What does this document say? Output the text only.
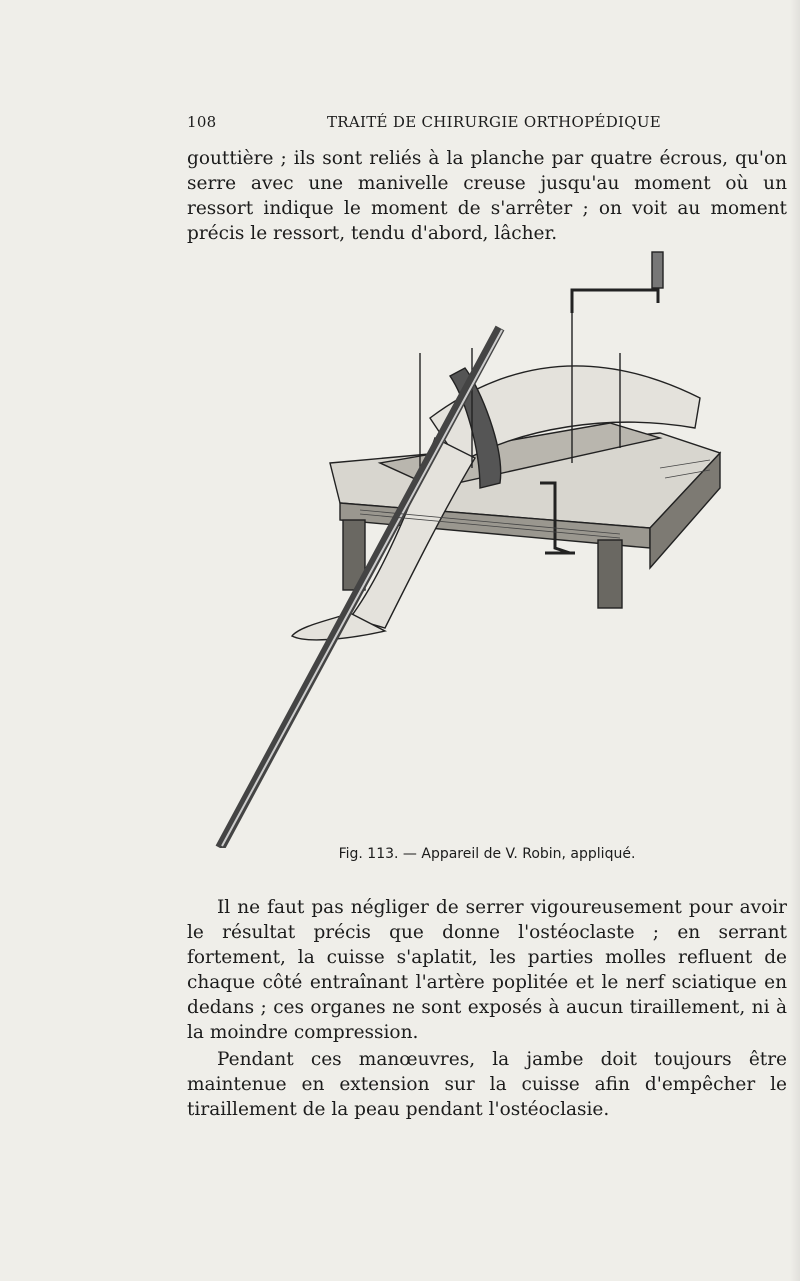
108	TRAITÉ DE CHIRURGIE ORTHOPÉDIQUE

gouttière ; ils sont reliés à la planche par quatre écrous, qu'on serre avec une manivelle creuse jusqu'au moment où un ressort indique le moment de s'arrêter ; on voit au moment précis le ressort, tendu d'abord, lâcher.

Fig. 113. — Appareil de V. Robin, appliqué.

Il ne faut pas négliger de serrer vigoureusement pour avoir le résultat précis que donne l'ostéoclaste ; en serrant fortement, la cuisse s'aplatit, les parties molles refluent de chaque côté entraînant l'artère poplitée et le nerf sciatique en dedans ; ces organes ne sont exposés à aucun tiraillement, ni à la moindre compression.

Pendant ces manœuvres, la jambe doit toujours être maintenue en extension sur la cuisse afin d'empêcher le tiraillement de la peau pendant l'ostéoclasie.
